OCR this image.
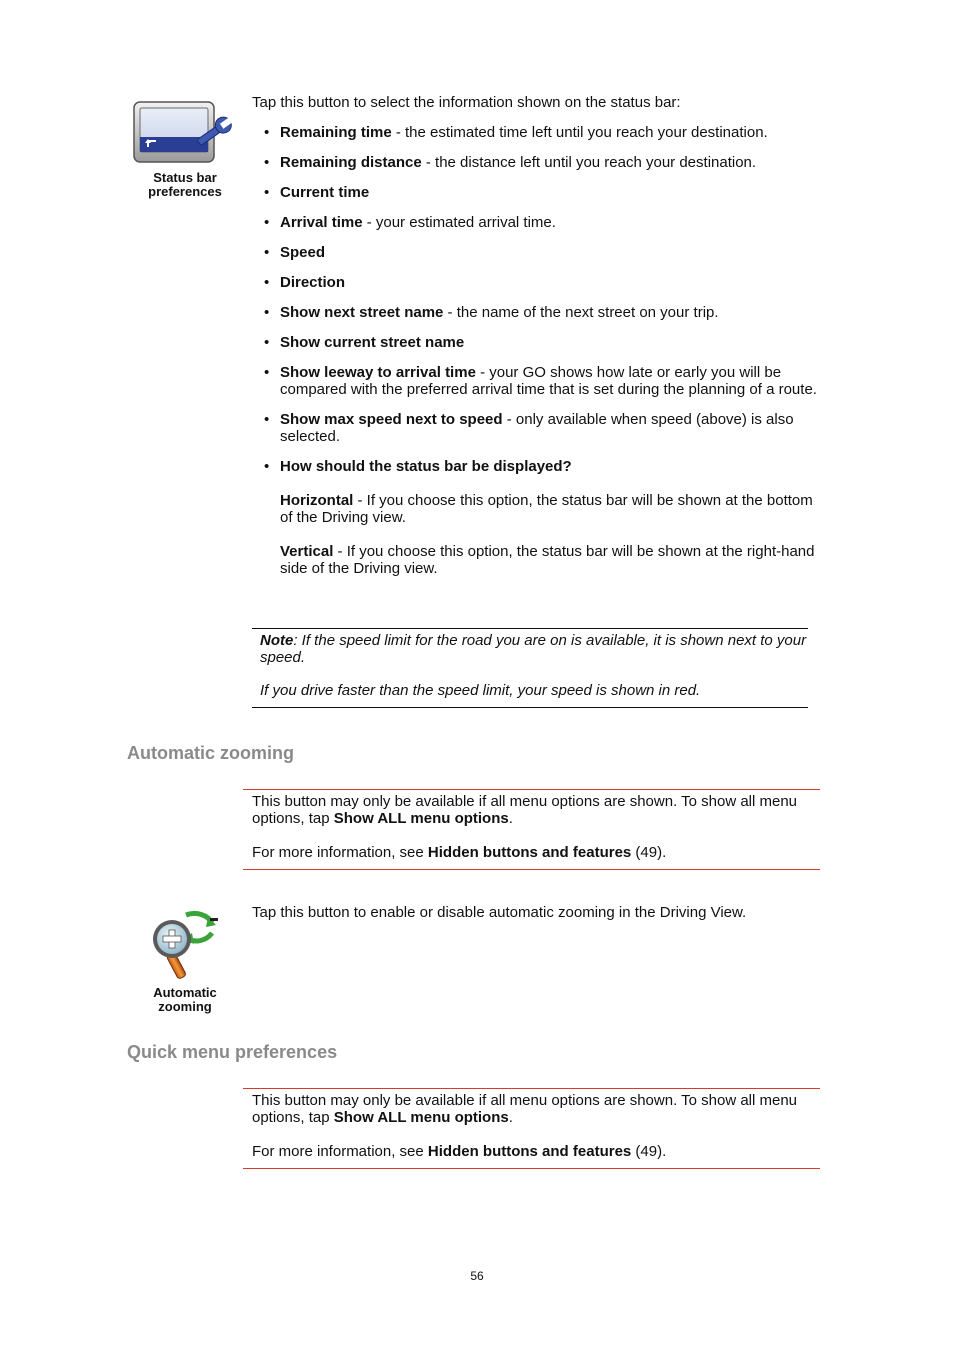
Status bar
preferences
Tap this button to select the information shown on the status bar:
• Remaining time - the estimated time left until you reach your destination.
• Remaining distance - the distance left until you reach your destination.
• Current time
• Arrival time - your estimated arrival time.
• Speed
• Direction
• Show next street name - the name of the next street on your trip.
• Show current street name
• Show leeway to arrival time - your GO shows how late or early you will be compared with the preferred arrival time that is set during the planning of a route.
• Show max speed next to speed - only available when speed (above) is also selected.
• How should the status bar be displayed?
Horizontal - If you choose this option, the status bar will be shown at the bottom of the Driving view.
Vertical - If you choose this option, the status bar will be shown at the right-hand side of the Driving view.

Note: If the speed limit for the road you are on is available, it is shown next to your speed.

If you drive faster than the speed limit, your speed is shown in red.

Automatic zooming

This button may only be available if all menu options are shown. To show all menu options, tap Show ALL menu options.

For more information, see Hidden buttons and features (49).

Automatic
zooming
Tap this button to enable or disable automatic zooming in the Driving View.
Quick menu preferences

This button may only be available if all menu options are shown. To show all menu options, tap Show ALL menu options.

For more information, see Hidden buttons and features (49).

56
